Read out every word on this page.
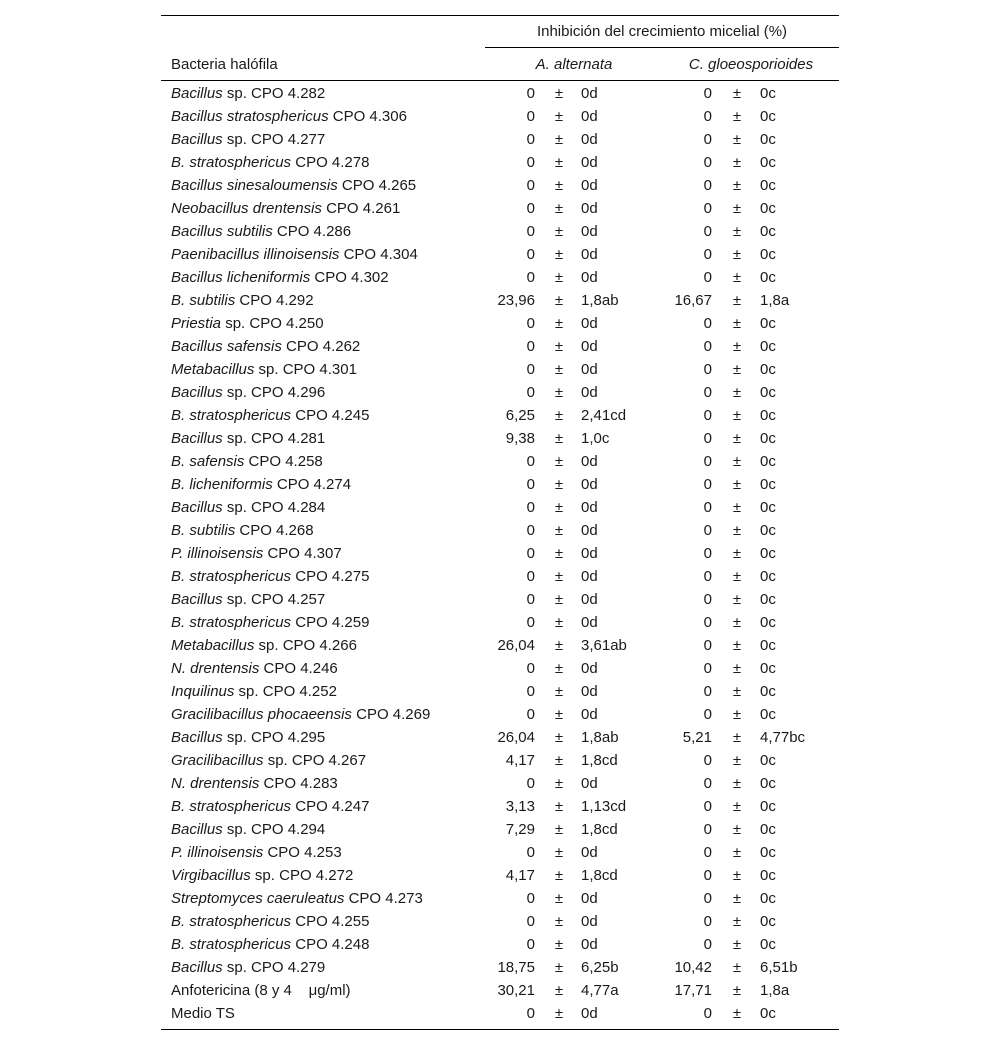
Inhibición del crecimiento micelial (%)
Bacteria halófila	A. alternata	C. gloeosporioides
Bacillus sp. CPO 4.282	0	±	0d	0	±	0c
Bacillus stratosphericus CPO 4.306	0	±	0d	0	±	0c
Bacillus sp. CPO 4.277	0	±	0d	0	±	0c
B. stratosphericus CPO 4.278	0	±	0d	0	±	0c
Bacillus sinesaloumensis CPO 4.265	0	±	0d	0	±	0c
Neobacillus drentensis CPO 4.261	0	±	0d	0	±	0c
Bacillus subtilis CPO 4.286	0	±	0d	0	±	0c
Paenibacillus illinoisensis CPO 4.304	0	±	0d	0	±	0c
Bacillus licheniformis CPO 4.302	0	±	0d	0	±	0c
B. subtilis CPO 4.292	23,96	±	1,8ab	16,67	±	1,8a
Priestia sp. CPO 4.250	0	±	0d	0	±	0c
Bacillus safensis CPO 4.262	0	±	0d	0	±	0c
Metabacillus sp. CPO 4.301	0	±	0d	0	±	0c
Bacillus sp. CPO 4.296	0	±	0d	0	±	0c
B. stratosphericus CPO 4.245	6,25	±	2,41cd	0	±	0c
Bacillus sp. CPO 4.281	9,38	±	1,0c	0	±	0c
B. safensis CPO 4.258	0	±	0d	0	±	0c
B. licheniformis CPO 4.274	0	±	0d	0	±	0c
Bacillus sp. CPO 4.284	0	±	0d	0	±	0c
B. subtilis CPO 4.268	0	±	0d	0	±	0c
P. illinoisensis CPO 4.307	0	±	0d	0	±	0c
B. stratosphericus CPO 4.275	0	±	0d	0	±	0c
Bacillus sp. CPO 4.257	0	±	0d	0	±	0c
B. stratosphericus CPO 4.259	0	±	0d	0	±	0c
Metabacillus sp. CPO 4.266	26,04	±	3,61ab	0	±	0c
N. drentensis CPO 4.246	0	±	0d	0	±	0c
Inquilinus sp. CPO 4.252	0	±	0d	0	±	0c
Gracilibacillus phocaeensis CPO 4.269	0	±	0d	0	±	0c
Bacillus sp. CPO 4.295	26,04	±	1,8ab	5,21	±	4,77bc
Gracilibacillus sp. CPO 4.267	4,17	±	1,8cd	0	±	0c
N. drentensis CPO 4.283	0	±	0d	0	±	0c
B. stratosphericus CPO 4.247	3,13	±	1,13cd	0	±	0c
Bacillus sp. CPO 4.294	7,29	±	1,8cd	0	±	0c
P. illinoisensis CPO 4.253	0	±	0d	0	±	0c
Virgibacillus sp. CPO 4.272	4,17	±	1,8cd	0	±	0c
Streptomyces caeruleatus CPO 4.273	0	±	0d	0	±	0c
B. stratosphericus CPO 4.255	0	±	0d	0	±	0c
B. stratosphericus CPO 4.248	0	±	0d	0	±	0c
Bacillus sp. CPO 4.279	18,75	±	6,25b	10,42	±	6,51b
Anfotericina (8 y 4    μg/ml)	30,21	±	4,77a	17,71	±	1,8a
Medio TS	0	±	0d	0	±	0c
